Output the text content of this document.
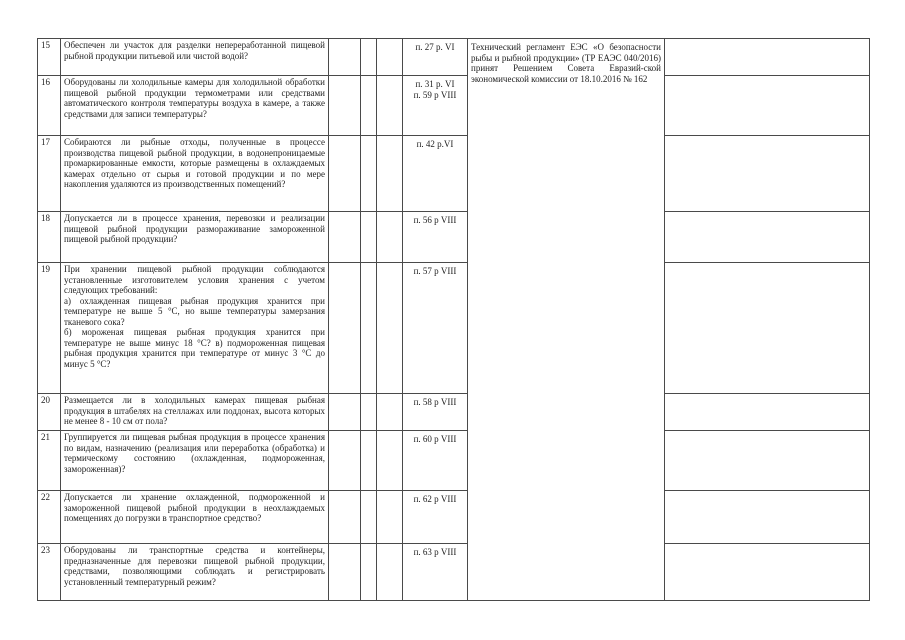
15	Обеспечен ли участок для разделки непереработанной пищевой рыбной продукции питьевой или чистой водой?				п. 27 р. VI	Технический регламент ЕЭС «О безопасности рыбы и рыбной продукции» (ТР ЕАЭС 040/2016) принят Решением Совета Евразий-ской экономической комиссии от 18.10.2016 № 162	
16	Оборудованы ли холодильные камеры для холодильной обработки пищевой рыбной продукции термометрами или средствами автоматического контроля температуры воздуха в камере, а также средствами для записи температуры?				п. 31 р. VI
п. 59 р VIII		

17	Собираются ли рыбные отходы, полученные в процессе производства пищевой рыбной продукции, в водонепроницаемые промаркированные емкости, которые размещены в охлаждаемых камерах отдельно от сырья и готовой продукции и по мере накопления удаляются из производственных помещений?				п. 42 р.VI		

18	Допускается ли в процессе хранения, перевозки и реализации пищевой рыбной продукции размораживание замороженной пищевой рыбной продукции?				п. 56 р VIII		

19	При хранении пищевой рыбной продукции соблюдаются установленные изготовителем условия хранения с учетом следующих требований:
а) охлажденная пищевая рыбная продукция хранится при температуре не выше 5 °С, но выше температуры замерзания тканевого сока?
б) мороженая пищевая рыбная продукция хранится при температуре не выше минус 18 °С? в) подмороженная пищевая рыбная продукция хранится при температуре от минус 3 °С до минус 5 °С?				п. 57 р VIII		

20	Размещается ли в холодильных камерах пищевая рыбная продукция в штабелях на стеллажах или поддонах, высота которых не менее 8 - 10 см от пола?				п. 58 р VIII		

21	Группируется ли пищевая рыбная продукция в процессе хранения по видам, назначению (реализация или переработка (обработка) и термическому состоянию (охлажденная, подмороженная, замороженная)?				п. 60 р VIII		

22	Допускается ли хранение охлажденной, подмороженной и замороженной пищевой рыбной продукции в неохлаждаемых помещениях до погрузки в транспортное средство?				п. 62 р VIII		

23	Оборудованы ли транспортные средства и контейнеры, предназначенные для перевозки пищевой рыбной продукции, средствами, позволяющими соблюдать и регистрировать установленный температурный режим?				п. 63 р VIII		
